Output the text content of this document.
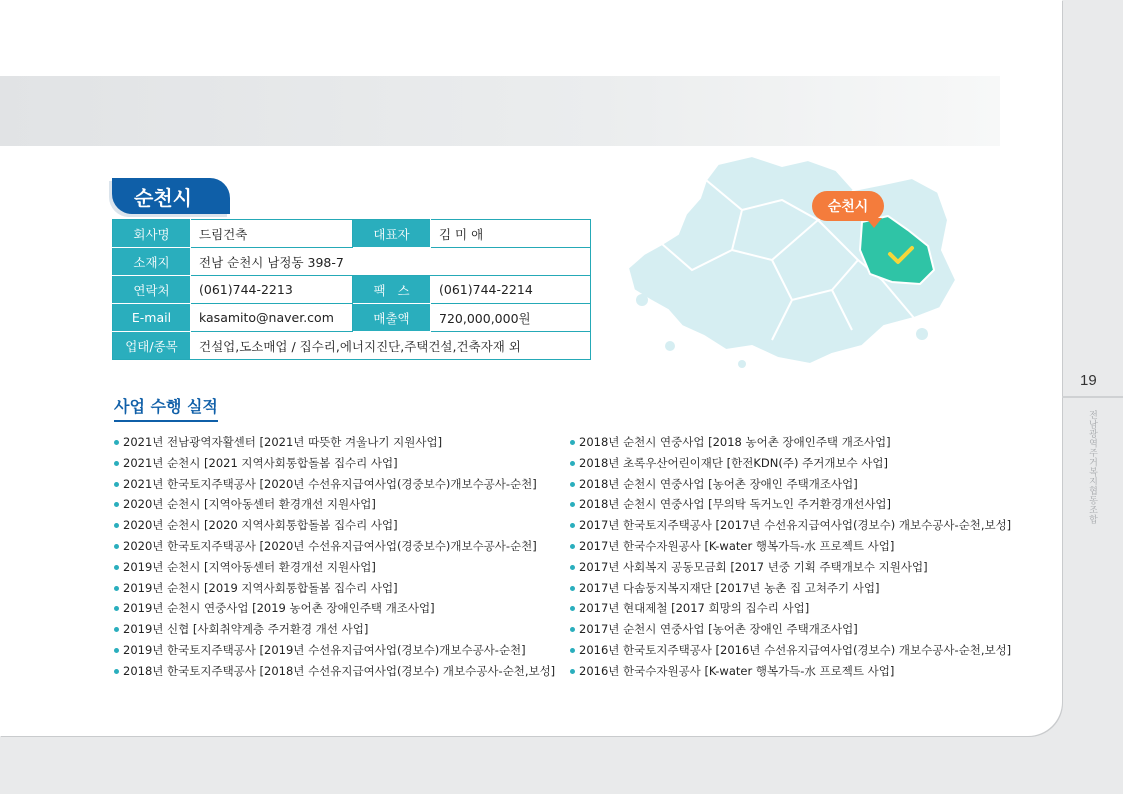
순천시
회사명	드림건축	대표자	김 미 애
소재지	전남 순천시 남정동 398-7		
연락처	(061)744-2213	팩   스	(061)744-2214
E-mail	kasamito@naver.com	매출액	720,000,000원
업태/종목	건설업,도소매업 / 집수리,에너지진단,주택건설,건축자재 외		
순천시
사업 수행 실적
2021년 전남광역자활센터 [2021년 따뜻한 겨울나기 지원사업]
2021년 순천시 [2021 지역사회통합돌봄 집수리 사업]
2021년 한국토지주택공사 [2020년 수선유지급여사업(경중보수)개보수공사-순천]
2020년 순천시 [지역아동센터 환경개선 지원사업]
2020년 순천시 [2020 지역사회통합돌봄 집수리 사업]
2020년 한국토지주택공사 [2020년 수선유지급여사업(경중보수)개보수공사-순천]
2019년 순천시 [지역아동센터 환경개선 지원사업]
2019년 순천시 [2019 지역사회통합돌봄 집수리 사업]
2019년 순천시 연중사업 [2019 농어촌 장애인주택 개조사업]
2019년 신협 [사회취약계층 주거환경 개선 사업]
2019년 한국토지주택공사 [2019년 수선유지급여사업(경보수)개보수공사-순천]
2018년 한국토지주택공사 [2018년 수선유지급여사업(경보수) 개보수공사-순천,보성]
2018년 순천시 연중사업 [2018 농어촌 장애인주택 개조사업]
2018년 초록우산어린이재단 [한전KDN(주) 주거개보수 사업]
2018년 순천시 연중사업 [농어촌 장애인 주택개조사업]
2018년 순천시 연중사업 [무의탁 독거노인 주거환경개선사업]
2017년 한국토지주택공사 [2017년 수선유지급여사업(경보수) 개보수공사-순천,보성]
2017년 한국수자원공사 [K-water 행복가득-水 프로젝트 사업]
2017년 사회복지 공동모금회 [2017 년중 기획 주택개보수 지원사업]
2017년 다솜둥지복지재단 [2017년 농촌 집 고쳐주기 사업]
2017년 현대제철 [2017 희망의 집수리 사업]
2017년 순천시 연중사업 [농어촌 장애인 주택개조사업]
2016년 한국토지주택공사 [2016년 수선유지급여사업(경보수) 개보수공사-순천,보성]
2016년 한국수자원공사 [K-water 행복가득-水 프로젝트 사업]
19
전남광역주거복지협동조합
